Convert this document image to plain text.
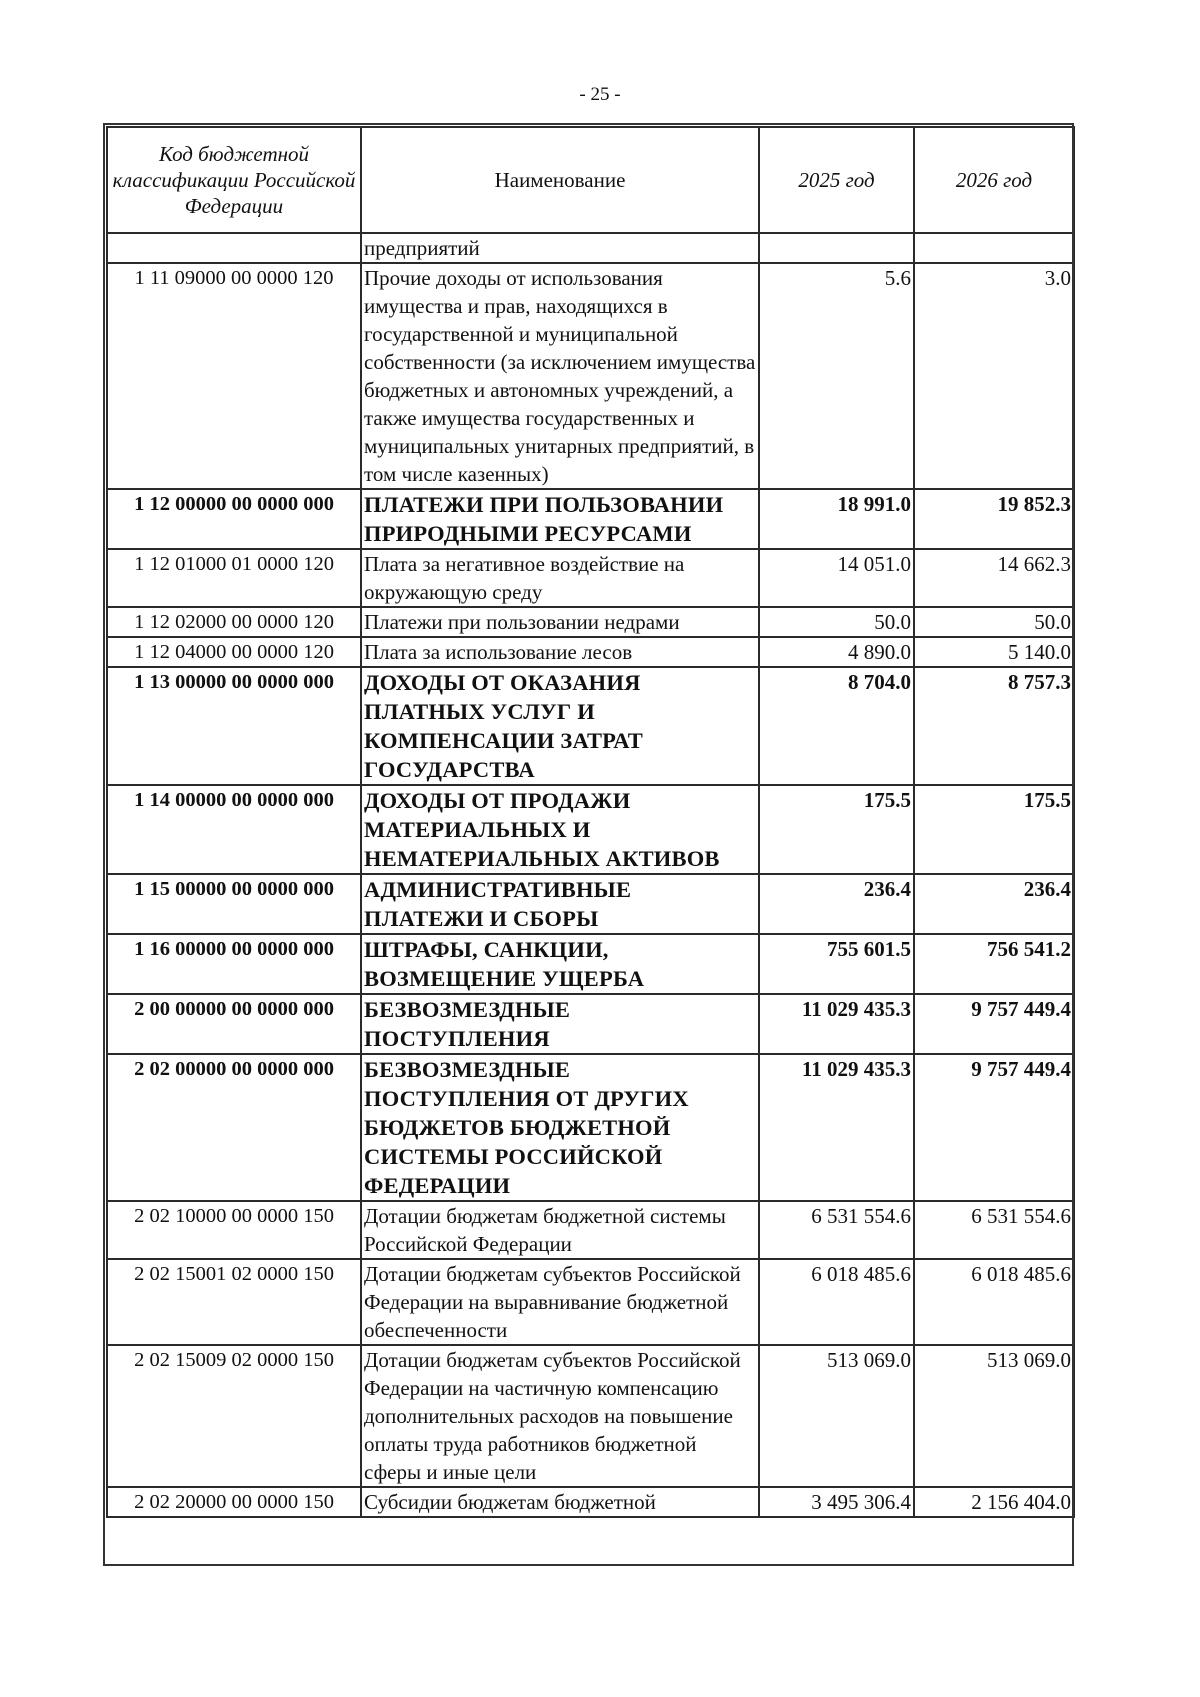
- 25 -
Код бюджетной классификации Российской Федерации	Наименование	2025 год	2026 год
	предприятий		
1 11 09000 00 0000 120	Прочие доходы от использования имущества и прав, находящихся в государственной и муниципальной собственности (за исключением имущества бюджетных и автономных учреждений, а также имущества государственных и муниципальных унитарных предприятий, в том числе казенных)	5.6	3.0
1 12 00000 00 0000 000	ПЛАТЕЖИ ПРИ ПОЛЬЗОВАНИИ ПРИРОДНЫМИ РЕСУРСАМИ	18 991.0	19 852.3
1 12 01000 01 0000 120	Плата за негативное воздействие на окружающую среду	14 051.0	14 662.3
1 12 02000 00 0000 120	Платежи при пользовании недрами	50.0	50.0
1 12 04000 00 0000 120	Плата за использование лесов	4 890.0	5 140.0
1 13 00000 00 0000 000	ДОХОДЫ ОТ ОКАЗАНИЯ ПЛАТНЫХ УСЛУГ И КОМПЕНСАЦИИ ЗАТРАТ ГОСУДАРСТВА	8 704.0	8 757.3
1 14 00000 00 0000 000	ДОХОДЫ ОТ ПРОДАЖИ МАТЕРИАЛЬНЫХ И НЕМАТЕРИАЛЬНЫХ АКТИВОВ	175.5	175.5
1 15 00000 00 0000 000	АДМИНИСТРАТИВНЫЕ ПЛАТЕЖИ И СБОРЫ	236.4	236.4
1 16 00000 00 0000 000	ШТРАФЫ, САНКЦИИ, ВОЗМЕЩЕНИЕ УЩЕРБА	755 601.5	756 541.2
2 00 00000 00 0000 000	БЕЗВОЗМЕЗДНЫЕ ПОСТУПЛЕНИЯ	11 029 435.3	9 757 449.4
2 02 00000 00 0000 000	БЕЗВОЗМЕЗДНЫЕ ПОСТУПЛЕНИЯ ОТ ДРУГИХ БЮДЖЕТОВ БЮДЖЕТНОЙ СИСТЕМЫ РОССИЙСКОЙ ФЕДЕРАЦИИ	11 029 435.3	9 757 449.4
2 02 10000 00 0000 150	Дотации бюджетам бюджетной системы Российской Федерации	6 531 554.6	6 531 554.6
2 02 15001 02 0000 150	Дотации бюджетам субъектов Российской Федерации на выравнивание бюджетной обеспеченности	6 018 485.6	6 018 485.6
2 02 15009 02 0000 150	Дотации бюджетам субъектов Российской Федерации на частичную компенсацию дополнительных расходов на повышение оплаты труда работников бюджетной сферы и иные цели	513 069.0	513 069.0
2 02 20000 00 0000 150	Субсидии бюджетам бюджетной	3 495 306.4	2 156 404.0
